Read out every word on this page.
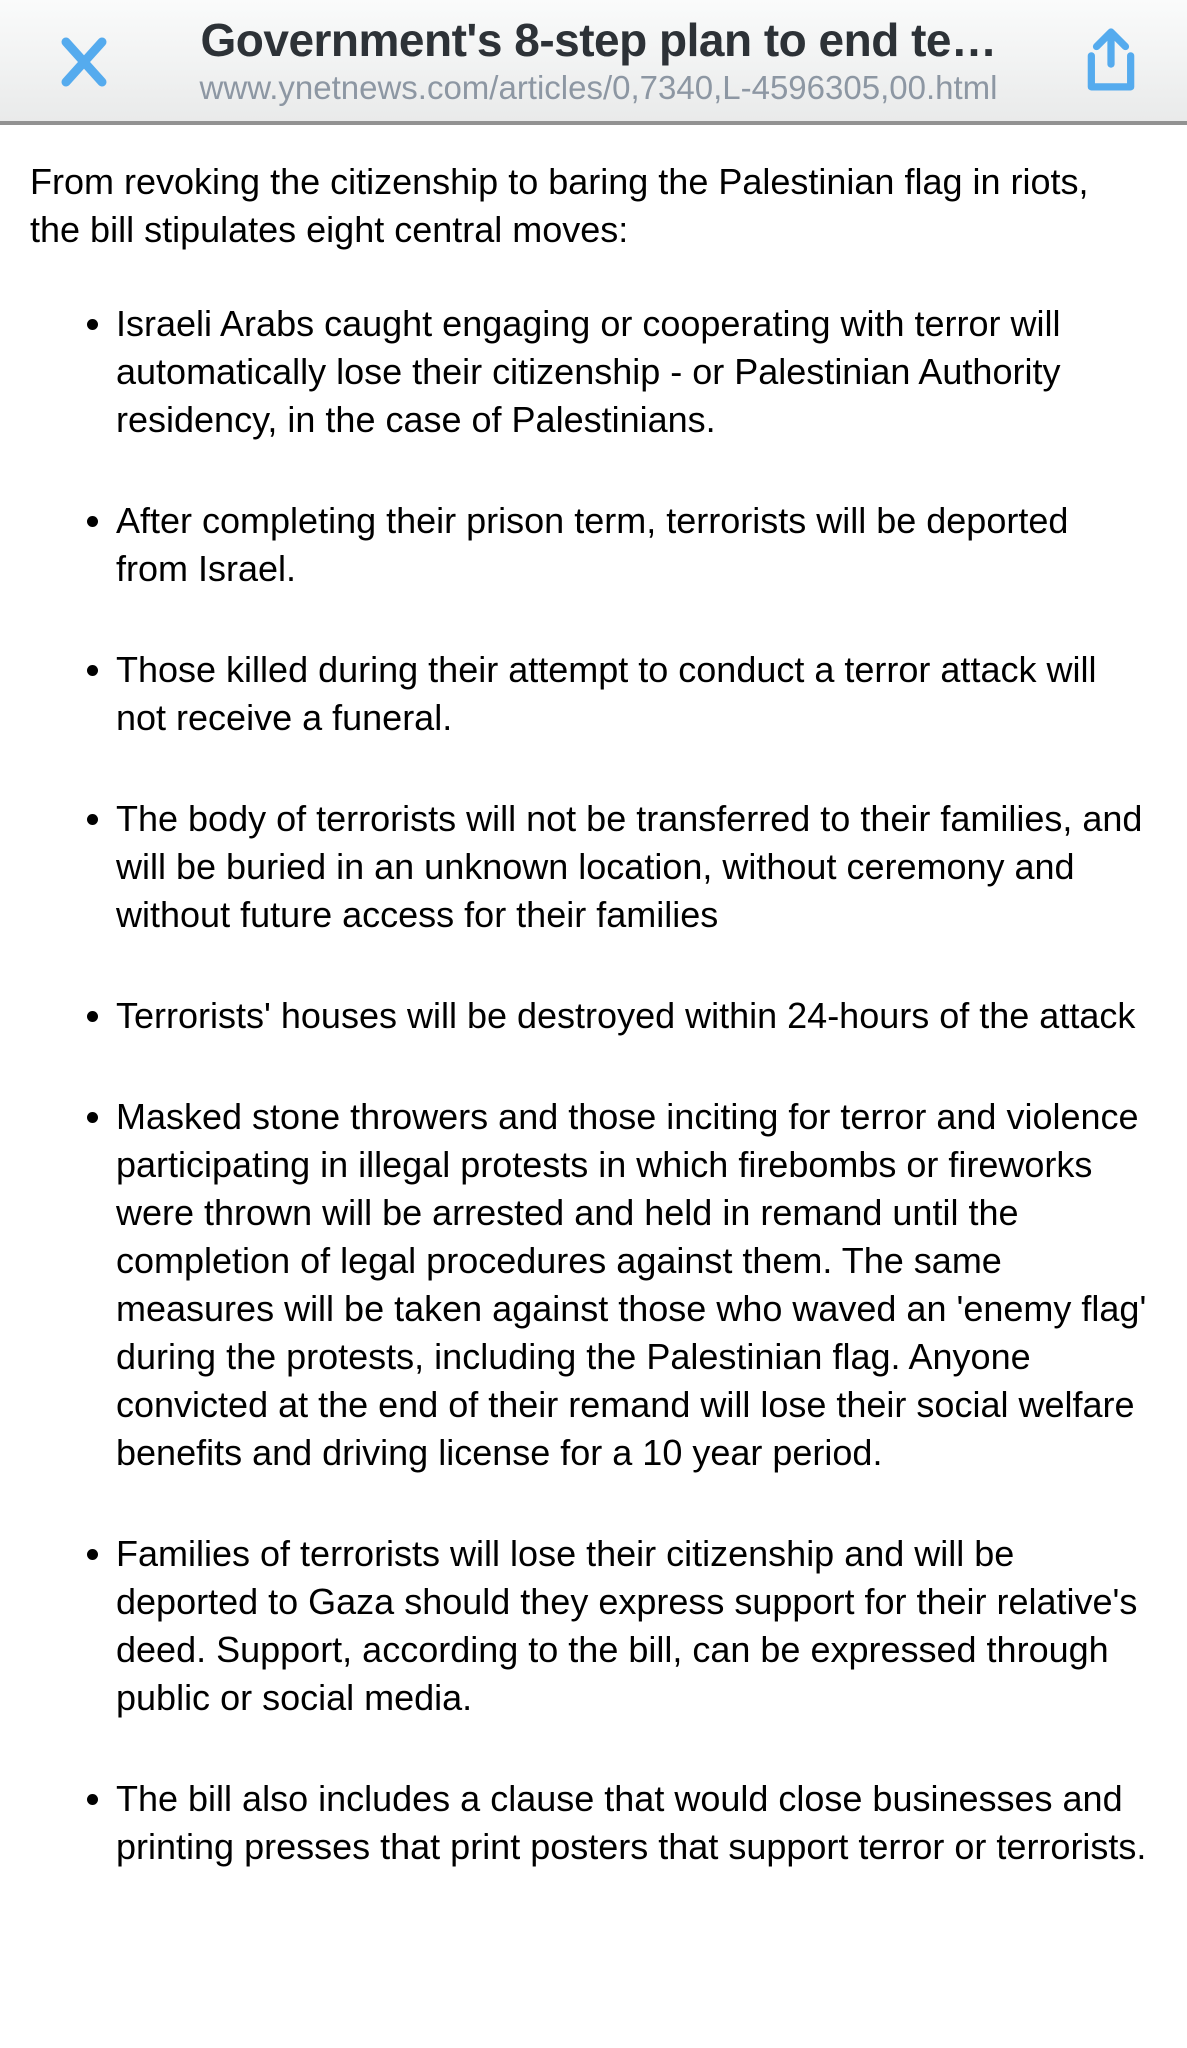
Government's 8-step plan to end te…
www.ynetnews.com/articles/0,7340,L-4596305,00.html

From revoking the citizenship to baring the Palestinian flag in riots, the bill stipulates eight central moves:

• Israeli Arabs caught engaging or cooperating with terror will automatically lose their citizenship - or Palestinian Authority residency, in the case of Palestinians.
• After completing their prison term, terrorists will be deported from Israel.
• Those killed during their attempt to conduct a terror attack will not receive a funeral.
• The body of terrorists will not be transferred to their families, and will be buried in an unknown location, without ceremony and without future access for their families
• Terrorists' houses will be destroyed within 24-hours of the attack
• Masked stone throwers and those inciting for terror and violence participating in illegal protests in which firebombs or fireworks were thrown will be arrested and held in remand until the completion of legal procedures against them. The same measures will be taken against those who waved an 'enemy flag' during the protests, including the Palestinian flag. Anyone convicted at the end of their remand will lose their social welfare benefits and driving license for a 10 year period.
• Families of terrorists will lose their citizenship and will be deported to Gaza should they express support for their relative's deed. Support, according to the bill, can be expressed through public or social media.
• The bill also includes a clause that would close businesses and printing presses that print posters that support terror or terrorists.
